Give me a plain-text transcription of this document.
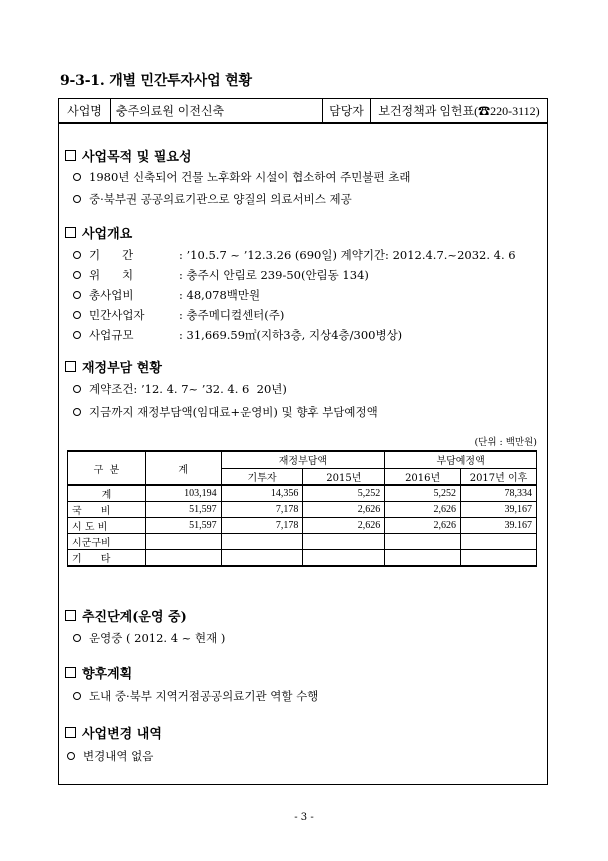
9-3-1. 개별 민간투자사업 현황
사업명	충주의료원 이전신축	담당자	보건정책과 임헌표(☎220-3112)
사업목적 및 필요성
1980년 신축되어 건물 노후화와 시설이 협소하여 주민불편 초래
중·북부권 공공의료기관으로 양질의 의료서비스 제공
사업개요
기      간	: ’10.5.7 ~ ’12.3.26 (690일) 계약기간: 2012.4.7.~2032. 4. 6
위      치	: 충주시 안림로 239-50(안림동 134)
총사업비	: 48,078백만원
민간사업자	: 충주메디컬센터(주)
사업규모	: 31,669.59㎡(지하3층, 지상4층/300병상)
재정부담 현황
계약조건: ’12. 4. 7~ ’32. 4. 6  20년)
지금까지 재정부담액(임대료+운영비) 및 향후 부담예정액
(단위 : 백만원)
구  분	계	재정부담액		부담예정액	
		기투자	2015년	2016년	2017년 이후
계	103,194	14,356	5,252	5,252	78,334
국      비	51,597	7,178	2,626	2,626	39,167
시 도 비	51,597	7,178	2,626	2,626	39.167
시군구비					
기      타					
추진단계(운영 중)
운영중 ( 2012. 4 ~ 현재 )
향후계획
도내 중·북부 지역거점공공의료기관 역할 수행
사업변경 내역
변경내역 없음
- 3 -
